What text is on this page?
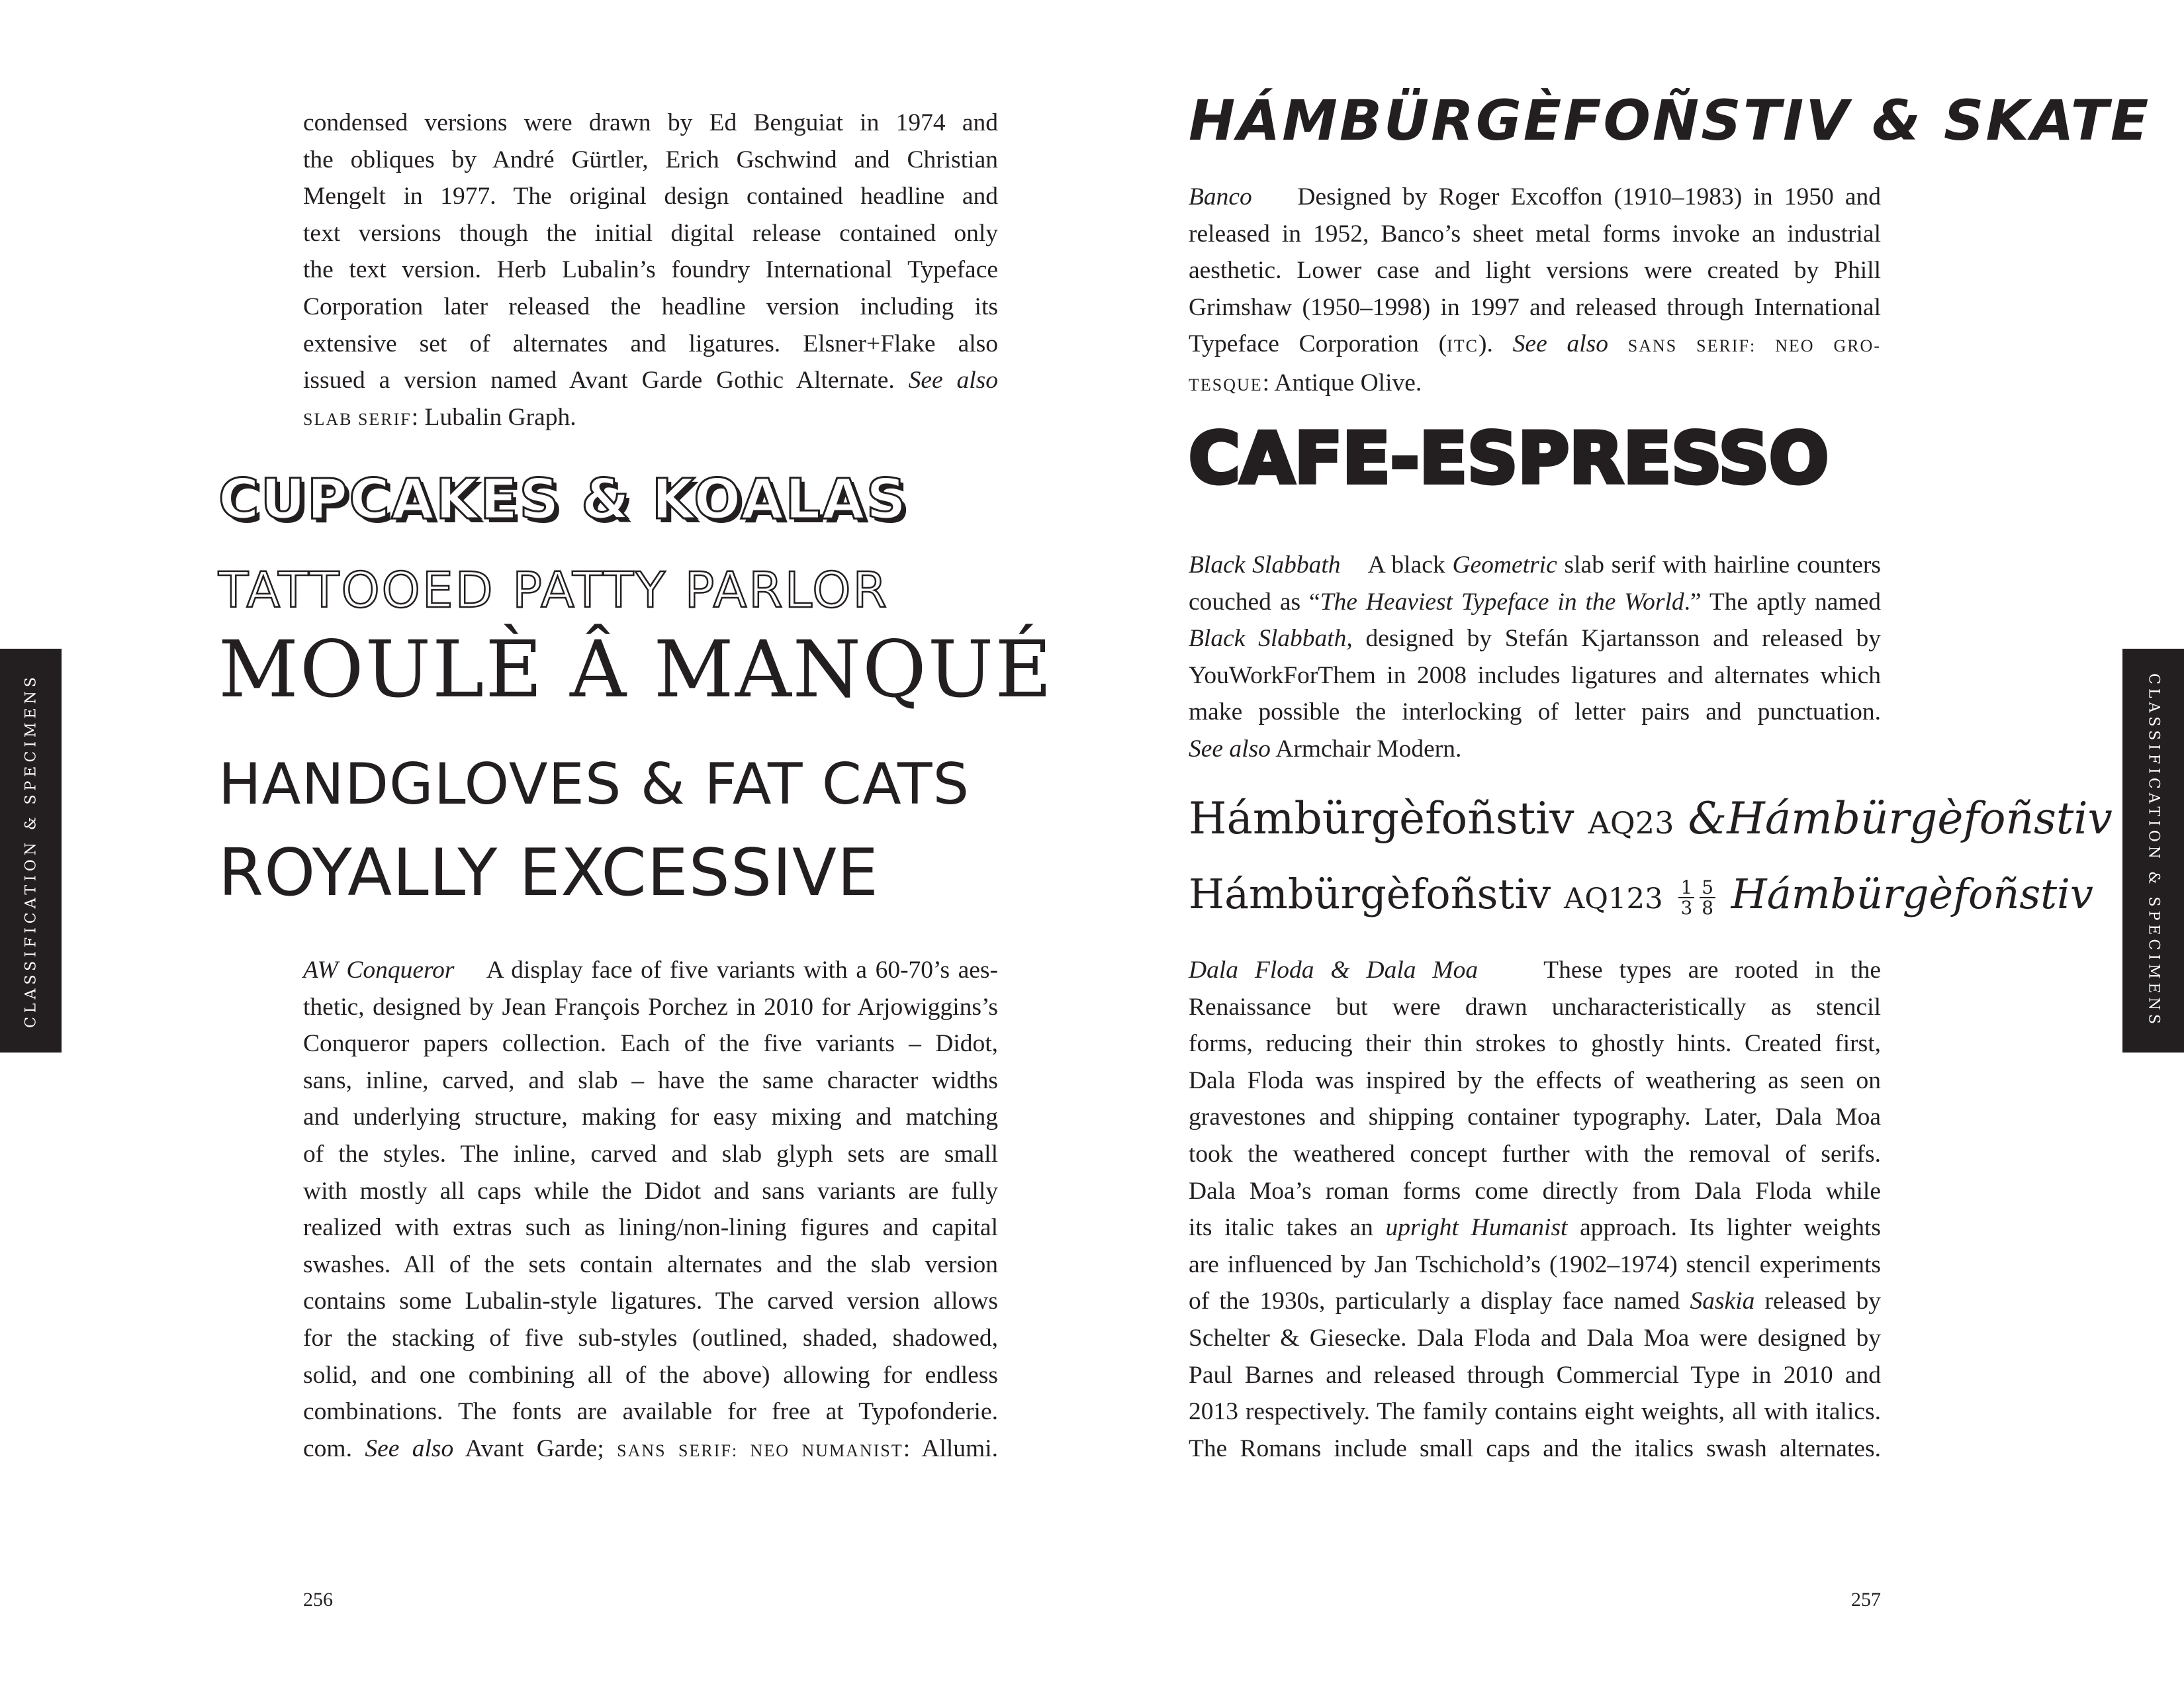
condensed versions were drawn by Ed Benguiat in 1974 and
the obliques by André Gürtler, Erich Gschwind and Christian
Mengelt in 1977. The original design contained headline and
text versions though the initial digital release contained only
the text version. Herb Lubalin’s foundry International Typeface
Corporation later released the headline version including its
extensive set of alternates and ligatures. Elsner+Flake also
issued a version named Avant Garde Gothic Alternate. See also
SLAB SERIF: Lubalin Graph.
CUPCAKES & KOALAS
TATTOOED PATTY PARLOR
MOULÈ Â MANQUÉ
HANDGLOVES & FAT CATS
ROYALLY EXCESSIVE
AW Conqueror A display face of five variants with a 60-70’s aes-
thetic, designed by Jean François Porchez in 2010 for Arjowiggins’s
Conqueror papers collection. Each of the five variants – Didot,
sans, inline, carved, and slab – have the same character widths
and underlying structure, making for easy mixing and matching
of the styles. The inline, carved and slab glyph sets are small
with mostly all caps while the Didot and sans variants are fully
realized with extras such as lining/non-lining figures and capital
swashes. All of the sets contain alternates and the slab version
contains some Lubalin-style ligatures. The carved version allows
for the stacking of five sub-styles (outlined, shaded, shadowed,
solid, and one combining all of the above) allowing for endless
combinations. The fonts are available for free at Typofonderie.
com. See also Avant Garde; SANS SERIF: NEO NUMANIST: Allumi.
256
CLASSIFICATION & SPECIMENS	CLASSIFICATION & SPECIMENS
HÁMBÜRGÈFOÑSTIV & SKATE
Banco Designed by Roger Excoffon (1910–1983) in 1950 and
released in 1952, Banco’s sheet metal forms invoke an industrial
aesthetic. Lower case and light versions were created by Phill
Grimshaw (1950–1998) in 1997 and released through International
Typeface Corporation (ITC). See also SANS SERIF: NEO GRO-
TESQUE: Antique Olive.
CAFE-ESPRESSO
Black Slabbath A black Geometric slab serif with hairline counters
couched as “The Heaviest Typeface in the World.” The aptly named
Black Slabbath, designed by Stefán Kjartansson and released by
YouWorkForThem in 2008 includes ligatures and alternates which
make possible the interlocking of letter pairs and punctuation.
See also Armchair Modern.
Hámbürgèfoñstiv AQ23 &Hámbürgèfoñstiv
Hámbürgèfoñstiv $AQ123 \frac{1}{3} \frac{5}{8}$ Hámbürgèfoñstiv
Dala Floda & Dala Moa	These types are rooted in the
Renaissance but were drawn uncharacteristically as stencil
forms, reducing their thin strokes to ghostly hints. Created first,
Dala Floda was inspired by the effects of weathering as seen on
gravestones and shipping container typography. Later, Dala Moa
took the weathered concept further with the removal of serifs.
Dala Moa’s roman forms come directly from Dala Floda while
its italic takes an upright Humanist approach. Its lighter weights
are influenced by Jan Tschichold’s (1902–1974) stencil experiments
of the 1930s, particularly a display face named Saskia released by
Schelter & Giesecke. Dala Floda and Dala Moa were designed by
Paul Barnes and released through Commercial Type in 2010 and
2013 respectively. The family contains eight weights, all with italics.
The Romans include small caps and the italics swash alternates.
257
